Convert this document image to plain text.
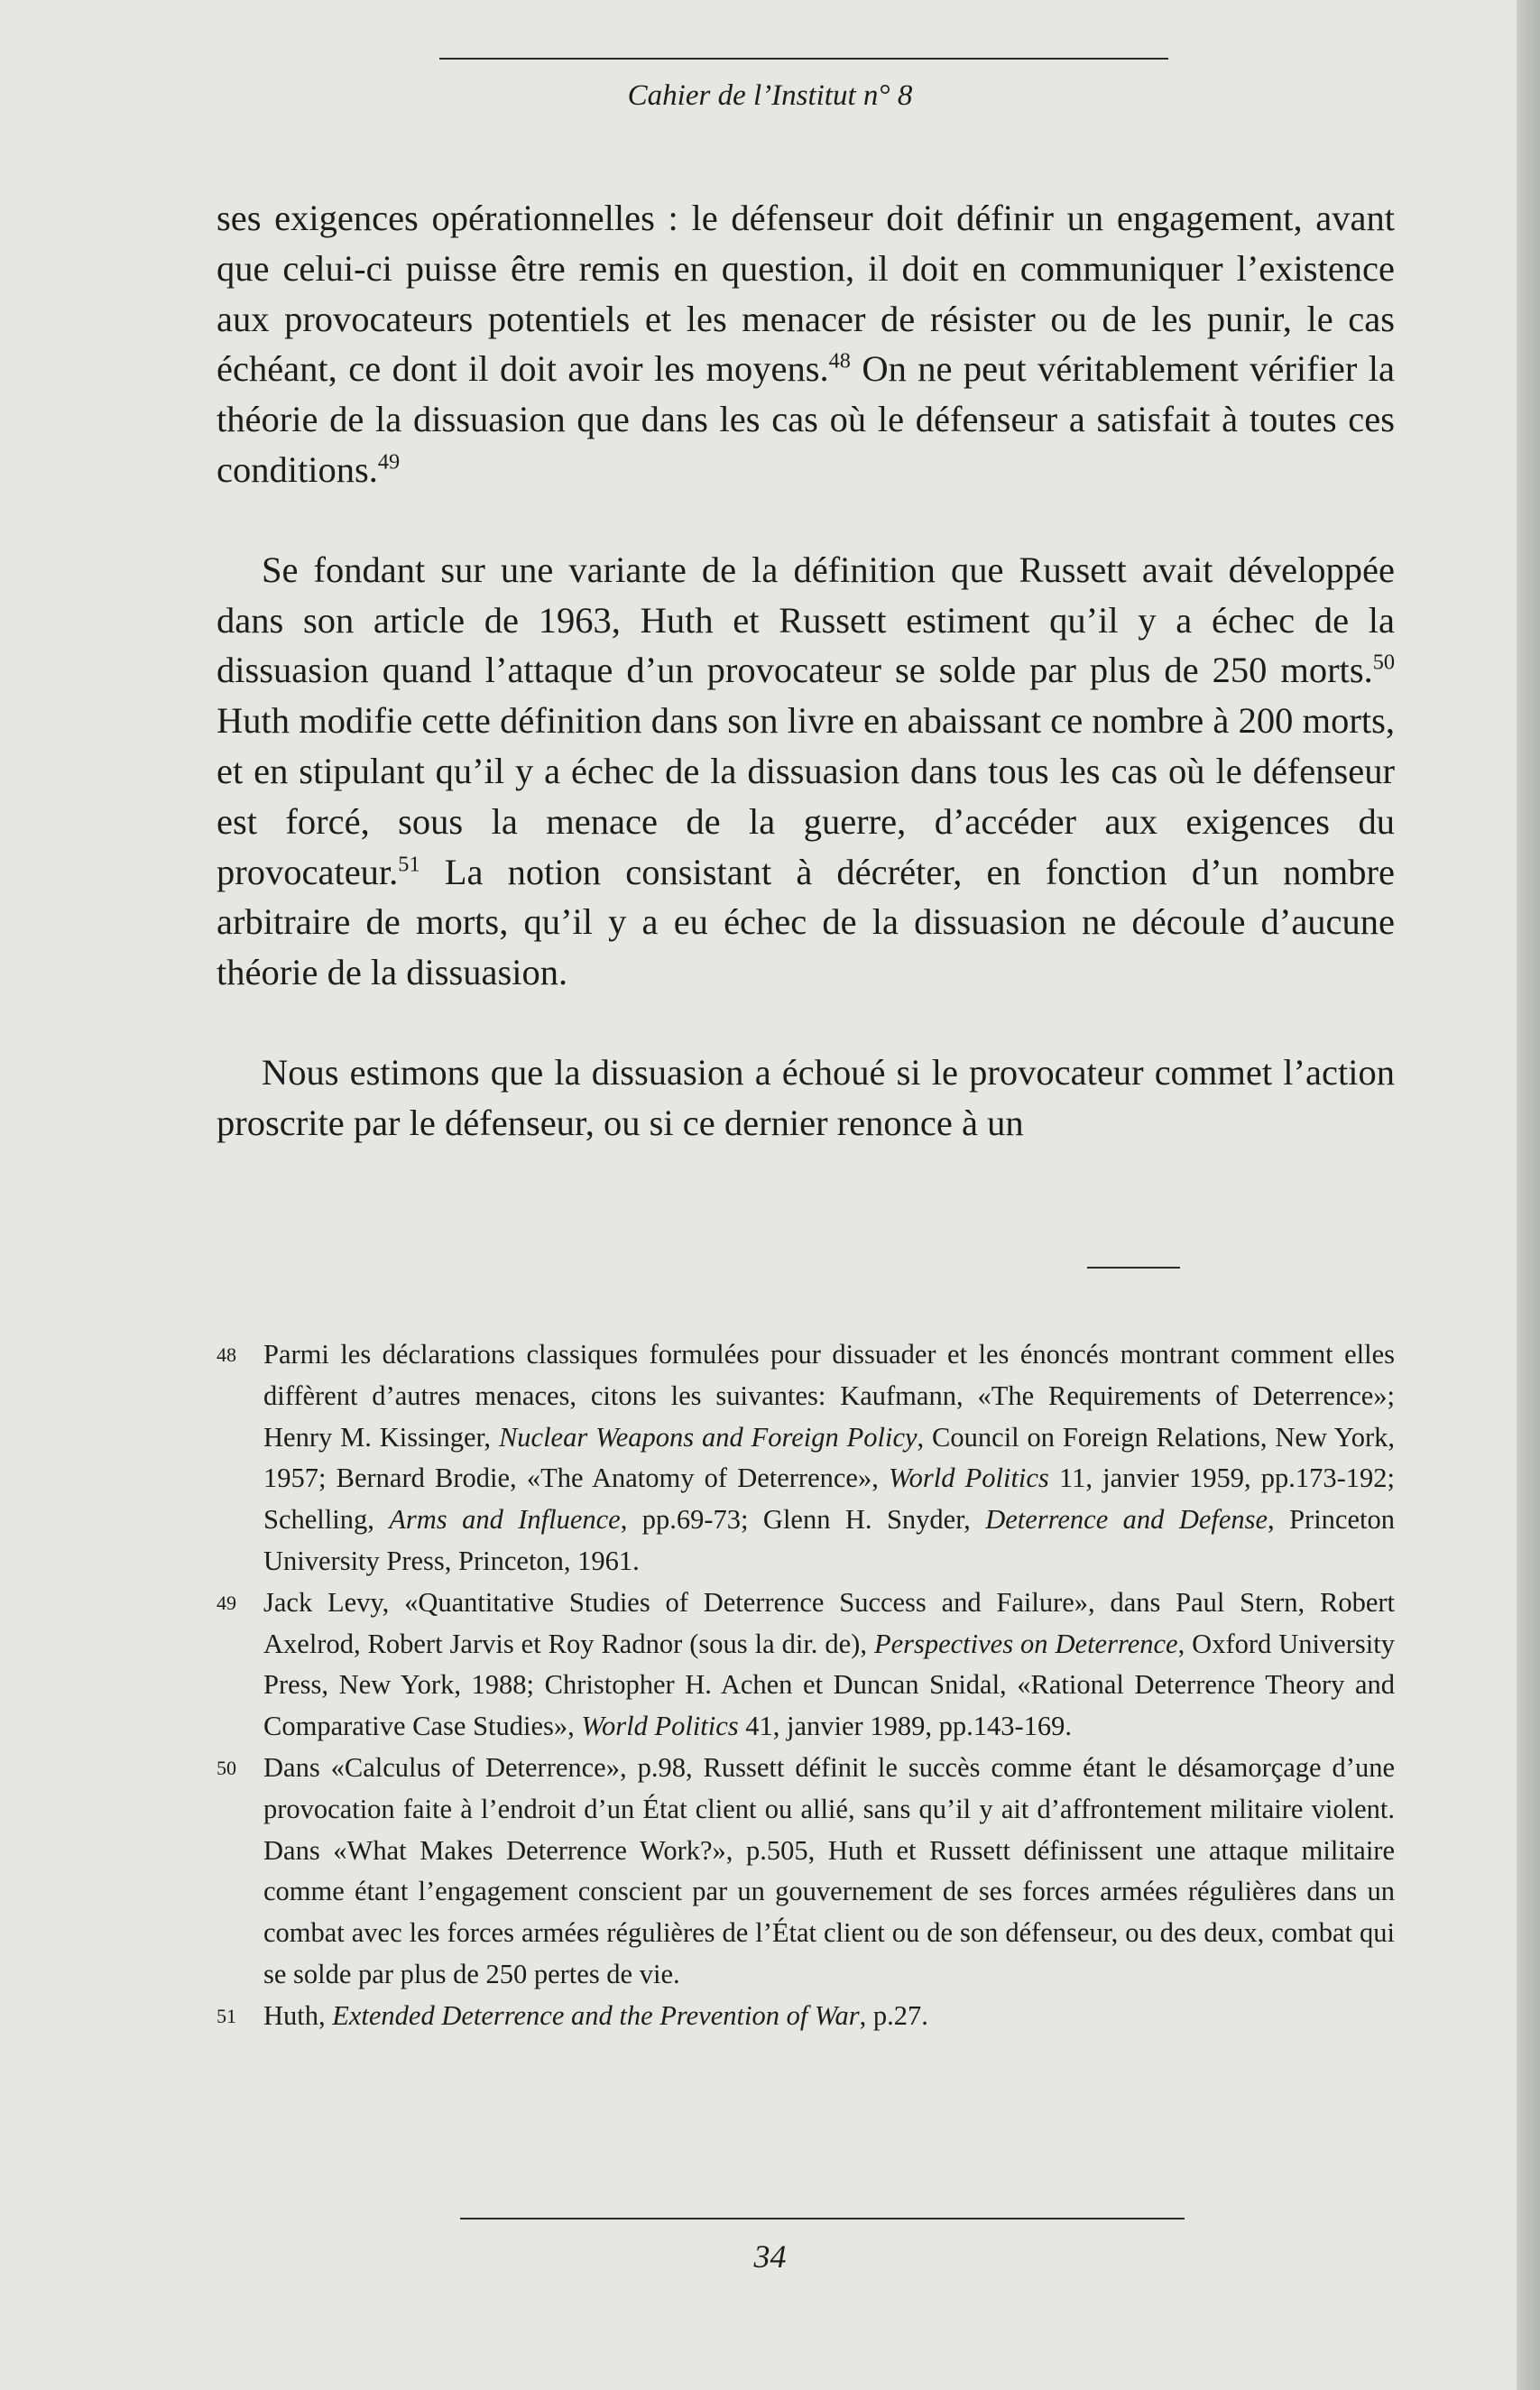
Cahier de l’Institut n° 8

ses exigences opérationnelles : le défenseur doit définir un engagement, avant que celui-ci puisse être remis en question, il doit en communiquer l’existence aux provocateurs potentiels et les menacer de résister ou de les punir, le cas échéant, ce dont il doit avoir les moyens.$^{48}$ On ne peut véritablement vérifier la théorie de la dissuasion que dans les cas où le défenseur a satisfait à toutes ces conditions.$^{49}$

Se fondant sur une variante de la définition que Russett avait développée dans son article de 1963, Huth et Russett estiment qu’il y a échec de la dissuasion quand l’attaque d’un provocateur se solde par plus de 250 morts.$^{50}$ Huth modifie cette définition dans son livre en abaissant ce nombre à 200 morts, et en stipulant qu’il y a échec de la dissuasion dans tous les cas où le défenseur est forcé, sous la menace de la guerre, d’accéder aux exigences du provocateur.$^{51}$ La notion consistant à décréter, en fonction d’un nombre arbitraire de morts, qu’il y a eu échec de la dissuasion ne découle d’aucune théorie de la dissuasion.

Nous estimons que la dissuasion a échoué si le provocateur commet l’action proscrite par le défenseur, ou si ce dernier renonce à un

48 Parmi les déclarations classiques formulées pour dissuader et les énoncés montrant comment elles diffèrent d’autres menaces, citons les suivantes: Kaufmann, «The Requirements of Deterrence»; Henry M. Kissinger, Nuclear Weapons and Foreign Policy, Council on Foreign Relations, New York, 1957; Bernard Brodie, «The Anatomy of Deterrence», World Politics 11, janvier 1959, pp.173-192; Schelling, Arms and Influence, pp.69-73; Glenn H. Snyder, Deterrence and Defense, Princeton University Press, Princeton, 1961.

49 Jack Levy, «Quantitative Studies of Deterrence Success and Failure», dans Paul Stern, Robert Axelrod, Robert Jarvis et Roy Radnor (sous la dir. de), Perspectives on Deterrence, Oxford University Press, New York, 1988; Christopher H. Achen et Duncan Snidal, «Rational Deterrence Theory and Comparative Case Studies», World Politics 41, janvier 1989, pp.143-169.

50 Dans «Calculus of Deterrence», p.98, Russett définit le succès comme étant le désamorçage d’une provocation faite à l’endroit d’un État client ou allié, sans qu’il y ait d’affrontement militaire violent. Dans «What Makes Deterrence Work?», p.505, Huth et Russett définissent une attaque militaire comme étant l’engagement conscient par un gouvernement de ses forces armées régulières dans un combat avec les forces armées régulières de l’État client ou de son défenseur, ou des deux, combat qui se solde par plus de 250 pertes de vie.

51 Huth, Extended Deterrence and the Prevention of War, p.27.

34
